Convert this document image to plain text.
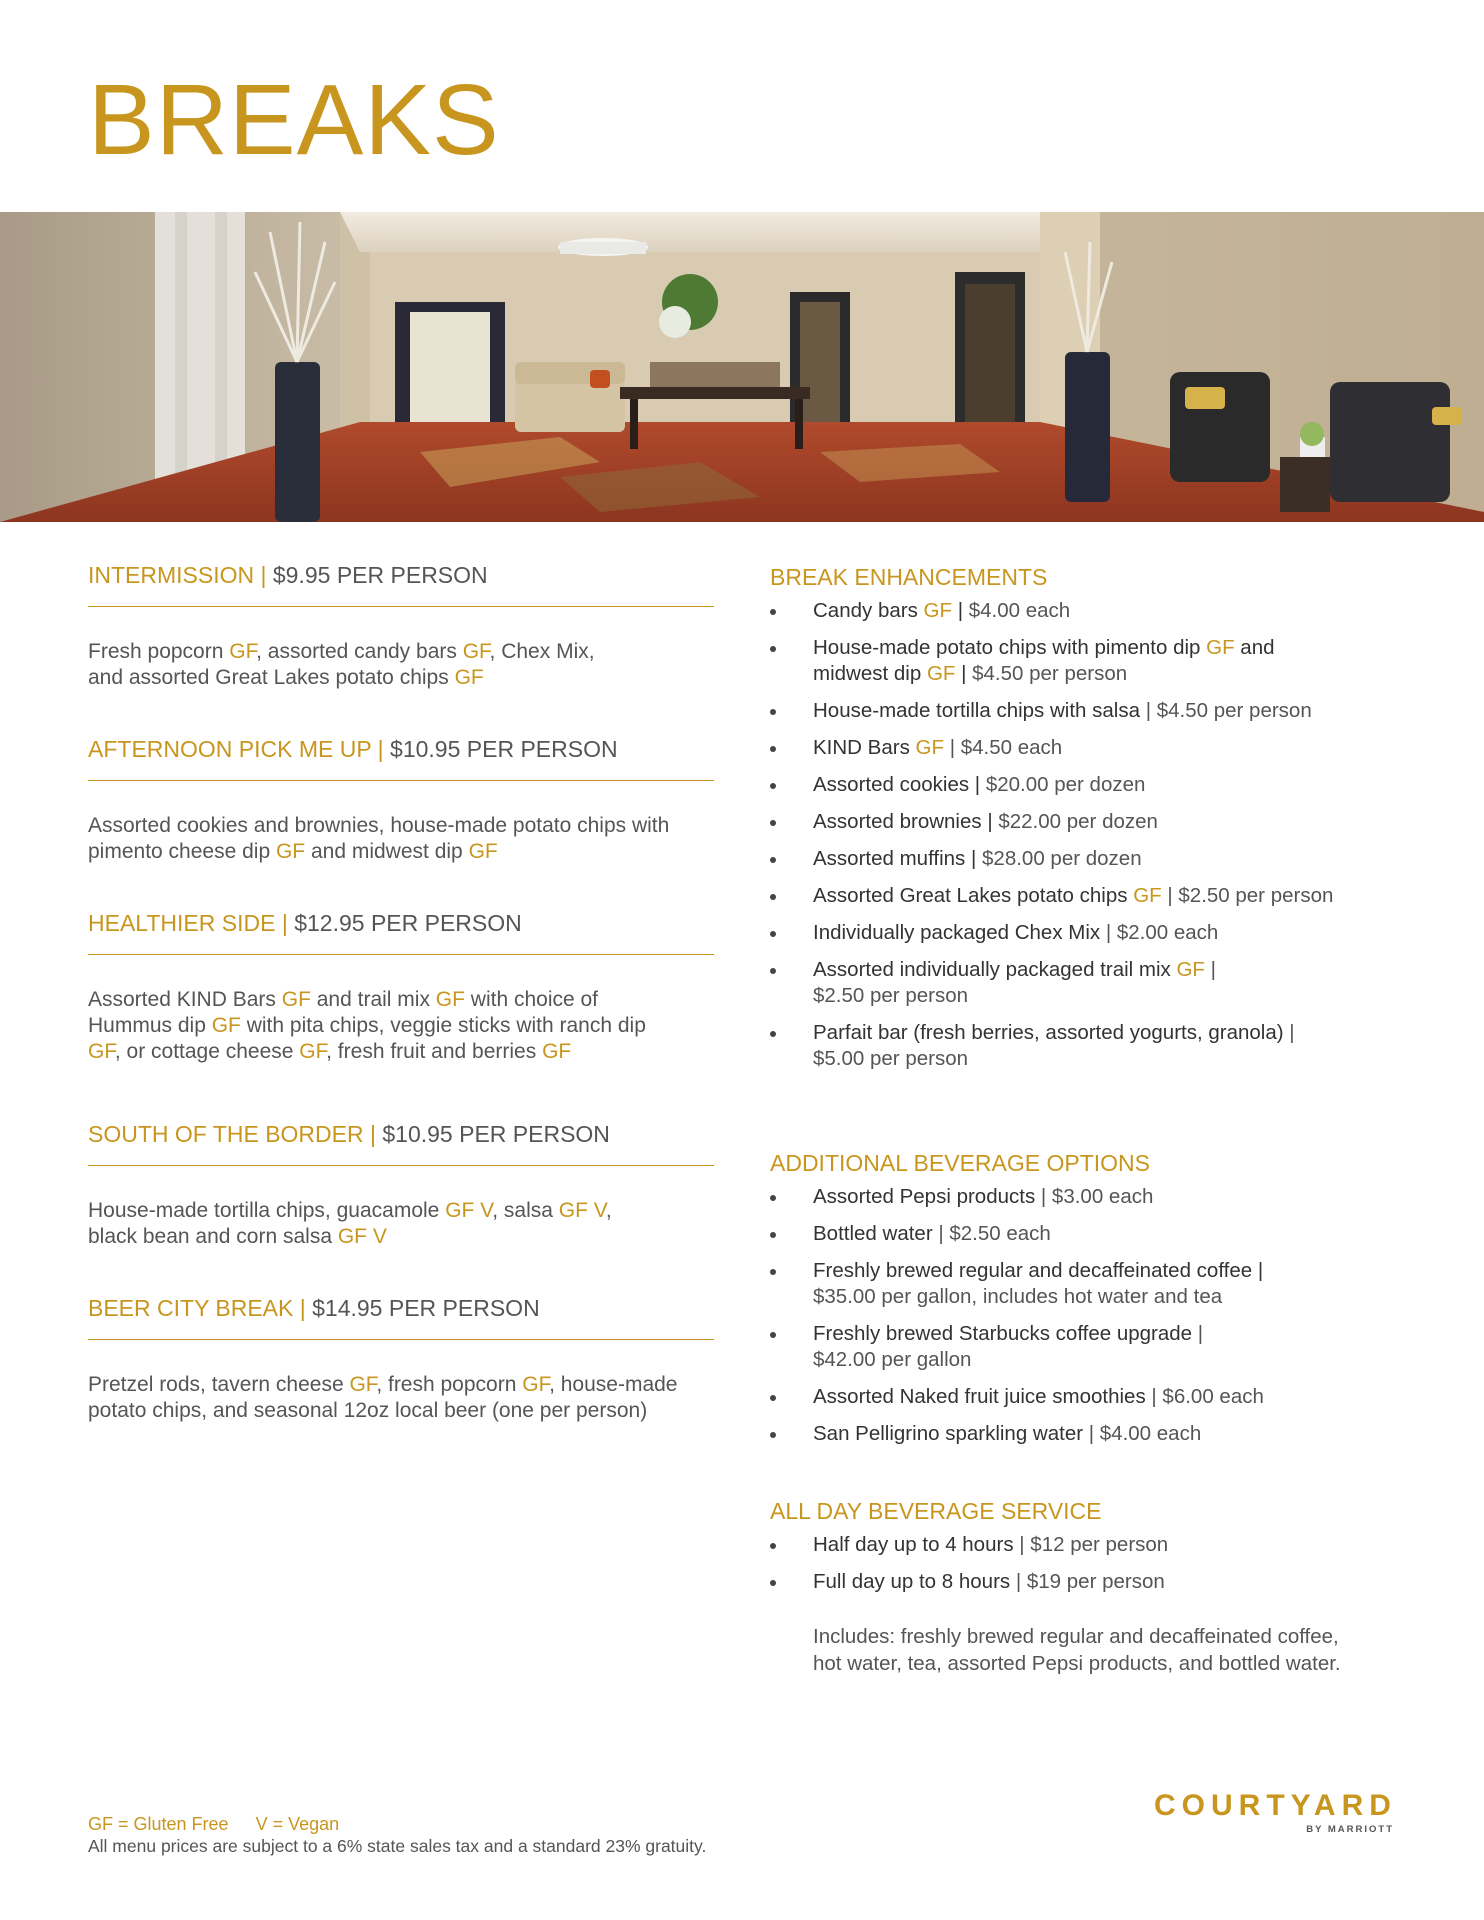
BREAKS
INTERMISSION | $9.95 PER PERSON
Fresh popcorn GF, assorted candy bars GF, Chex Mix,
and assorted Great Lakes potato chips GF
AFTERNOON PICK ME UP | $10.95 PER PERSON
Assorted cookies and brownies, house-made potato chips with
pimento cheese dip GF and midwest dip GF
HEALTHIER SIDE | $12.95 PER PERSON
Assorted KIND Bars GF and trail mix GF with choice of
Hummus dip GF with pita chips, veggie sticks with ranch dip
GF, or cottage cheese GF, fresh fruit and berries GF
SOUTH OF THE BORDER | $10.95 PER PERSON
House-made tortilla chips, guacamole GF V, salsa GF V,
black bean and corn salsa GF V
BEER CITY BREAK | $14.95 PER PERSON
Pretzel rods, tavern cheese GF, fresh popcorn GF, house-made
potato chips, and seasonal 12oz local beer (one per person)
BREAK ENHANCEMENTS
Candy bars GF | $4.00 each
House-made potato chips with pimento dip GF and
midwest dip GF | $4.50 per person
House-made tortilla chips with salsa | $4.50 per person
KIND Bars GF | $4.50 each
Assorted cookies | $20.00 per dozen
Assorted brownies | $22.00 per dozen
Assorted muffins | $28.00 per dozen
Assorted Great Lakes potato chips GF | $2.50 per person
Individually packaged Chex Mix | $2.00 each
Assorted individually packaged trail mix GF |
$2.50 per person
Parfait bar (fresh berries, assorted yogurts, granola) |
$5.00 per person
ADDITIONAL BEVERAGE OPTIONS
Assorted Pepsi products | $3.00 each
Bottled water | $2.50 each
Freshly brewed regular and decaffeinated coffee |
$35.00 per gallon, includes hot water and tea
Freshly brewed Starbucks coffee upgrade |
$42.00 per gallon
Assorted Naked fruit juice smoothies | $6.00 each
San Pelligrino sparkling water | $4.00 each
ALL DAY BEVERAGE SERVICE
Half day up to 4 hours | $12 per person
Full day up to 8 hours | $19 per person
Includes: freshly brewed regular and decaffeinated coffee,
hot water, tea, assorted Pepsi products, and bottled water.
GF = Gluten Free V = Vegan
All menu prices are subject to a 6% state sales tax and a standard 23% gratuity.
COURTYARD
BY MARRIOTT
